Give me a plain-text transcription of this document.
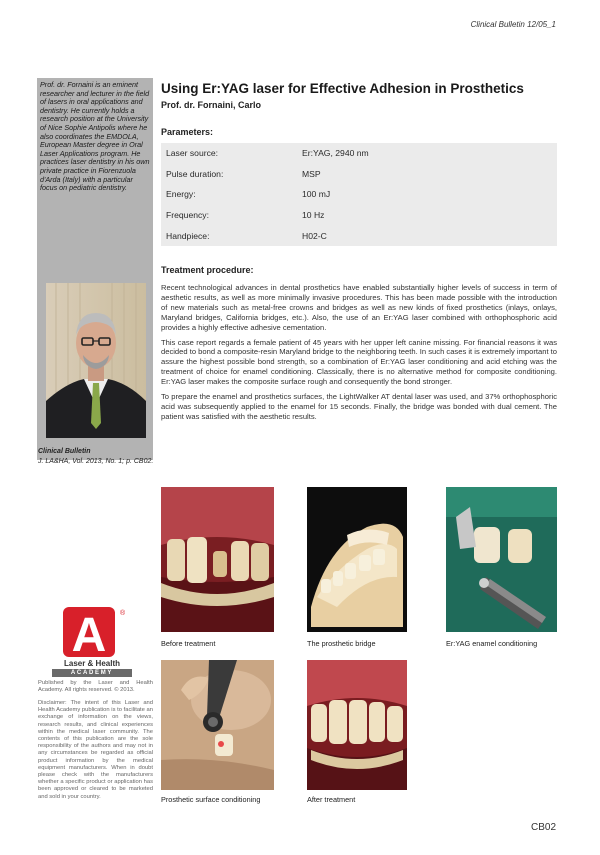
Clinical Bulletin 12/05_1
Prof. dr. Fornaini is an eminent researcher and lecturer in the field of lasers in oral applications and dentistry. He currently holds a research position at the University of Nice Sophie Antipolis where he also coordinates the EMDOLA, European Master degree in Oral Laser Applications program. He practices laser dentistry in his own private practice in Fiorenzuola d'Arda (Italy) with a particular focus on pediatric dentistry.
Clinical Bulletin
J. LA&HA, Vol. 2013, No. 1; p. CB02.
Using Er:YAG laser for Effective Adhesion in Prosthetics
Prof. dr. Fornaini, Carlo
Parameters:
Laser source:	Er:YAG, 2940 nm
Pulse duration:	MSP
Energy:	100 mJ
Frequency:	10 Hz
Handpiece:	H02-C
Treatment procedure:

Recent technological advances in dental prosthetics have enabled substantially higher levels of success in term of aesthetic results, as well as more minimally invasive procedures. This has been made possible with the introduction of new materials such as metal-free crowns and bridges as well as new kinds of fixed prosthetics (inlays, onlays, Maryland bridges, California bridges, etc.). Also, the use of an Er:YAG laser combined with orthophosphoric acid provides a highly effective adhesive cementation.

This case report regards a female patient of 45 years with her upper left canine missing. For financial reasons it was decided to bond a composite-resin Maryland bridge to the neighboring teeth. In such cases it is extremely important to assure the highest possible bond strength, so a combination of Er:YAG laser conditioning and acid etching was the treatment of choice for enamel conditioning. Classically, there is no alternative method for composite conditioning. Er:YAG laser makes the composite surface rough and consequently the bond stronger.

To prepare the enamel and prosthetics surfaces, the LightWalker AT dental laser was used, and 37% orthophosphoric acid was subsequently applied to the enamel for 15 seconds. Finally, the bridge was bonded with dual cement. The patient was satisfied with the aesthetic results.

Before treatment	The prosthetic bridge	Er:YAG enamel conditioning
Prosthetic surface conditioning	After treatment
A ®
Laser & Health
ACADEMY
Published by the Laser and Health Academy. All rights reserved. © 2013.
Disclaimer: The intent of this Laser and Health Academy publication is to facilitate an exchange of information on the views, research results, and clinical experiences within the medical laser community. The contents of this publication are the sole responsibility of the authors and may not in any circumstances be regarded as official product information by the medical equipment manufacturers. When in doubt please check with the manufacturers whether a specific product or application has been approved or cleared to be marketed and sold in your country.
CB02
